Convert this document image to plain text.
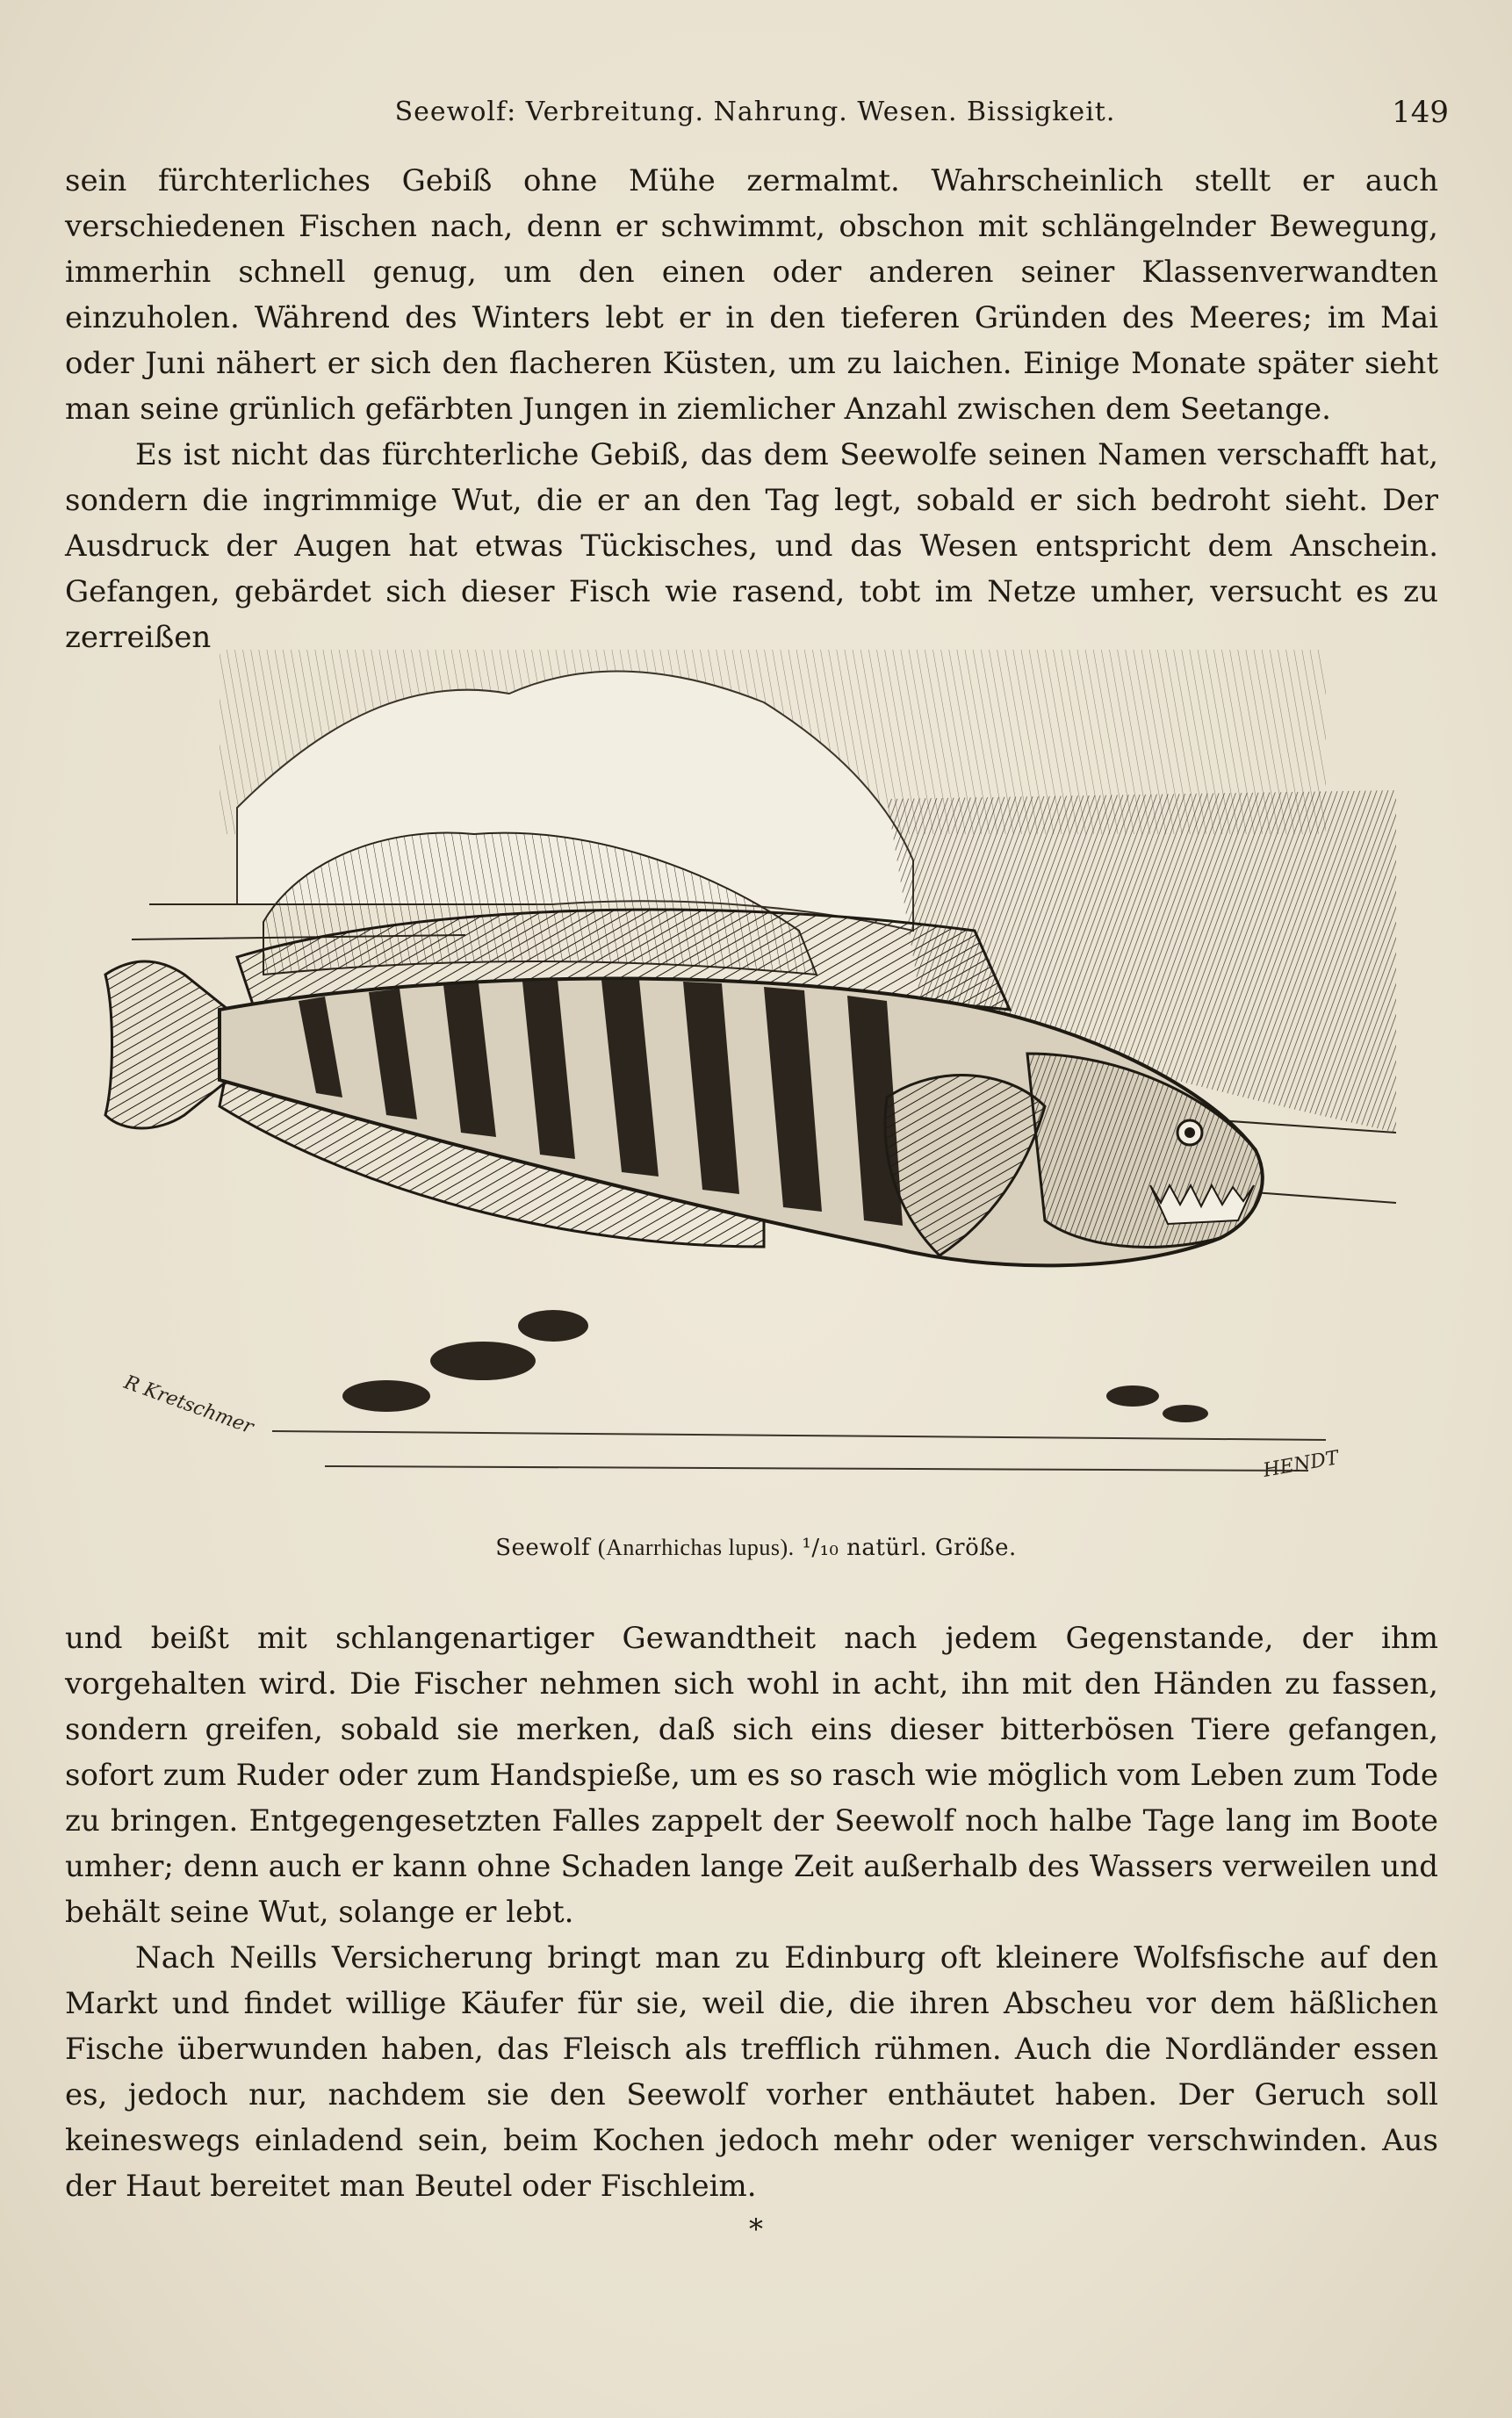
Seewolf: Verbreitung. Nahrung. Wesen. Bissigkeit.	149

sein fürchterliches Gebiß ohne Mühe zermalmt. Wahrscheinlich stellt er auch verschiedenen Fischen nach, denn er schwimmt, obschon mit schlängelnder Bewegung, immerhin schnell genug, um den einen oder anderen seiner Klassenverwandten einzuholen. Während des Winters lebt er in den tieferen Gründen des Meeres; im Mai oder Juni nähert er sich den flacheren Küsten, um zu laichen. Einige Monate später sieht man seine grünlich gefärbten Jungen in ziemlicher Anzahl zwischen dem Seetange.

Es ist nicht das fürchterliche Gebiß, das dem Seewolfe seinen Namen verschafft hat, sondern die ingrimmige Wut, die er an den Tag legt, sobald er sich bedroht sieht. Der Ausdruck der Augen hat etwas Tückisches, und das Wesen entspricht dem Anschein. Gefangen, gebärdet sich dieser Fisch wie rasend, tobt im Netze umher, versucht es zu zerreißen

R Kretschmer
HENDT
Seewolf (Anarrhichas lupus). ¹/₁₀ natürl. Größe.

und beißt mit schlangenartiger Gewandtheit nach jedem Gegenstande, der ihm vorgehalten wird. Die Fischer nehmen sich wohl in acht, ihn mit den Händen zu fassen, sondern greifen, sobald sie merken, daß sich eins dieser bitterbösen Tiere gefangen, sofort zum Ruder oder zum Handspieße, um es so rasch wie möglich vom Leben zum Tode zu bringen. Entgegengesetzten Falles zappelt der Seewolf noch halbe Tage lang im Boote umher; denn auch er kann ohne Schaden lange Zeit außerhalb des Wassers verweilen und behält seine Wut, solange er lebt.

Nach Neills Versicherung bringt man zu Edinburg oft kleinere Wolfsfische auf den Markt und findet willige Käufer für sie, weil die, die ihren Abscheu vor dem häßlichen Fische überwunden haben, das Fleisch als trefflich rühmen. Auch die Nordländer essen es, jedoch nur, nachdem sie den Seewolf vorher enthäutet haben. Der Geruch soll keineswegs einladend sein, beim Kochen jedoch mehr oder weniger verschwinden. Aus der Haut bereitet man Beutel oder Fischleim.

*
